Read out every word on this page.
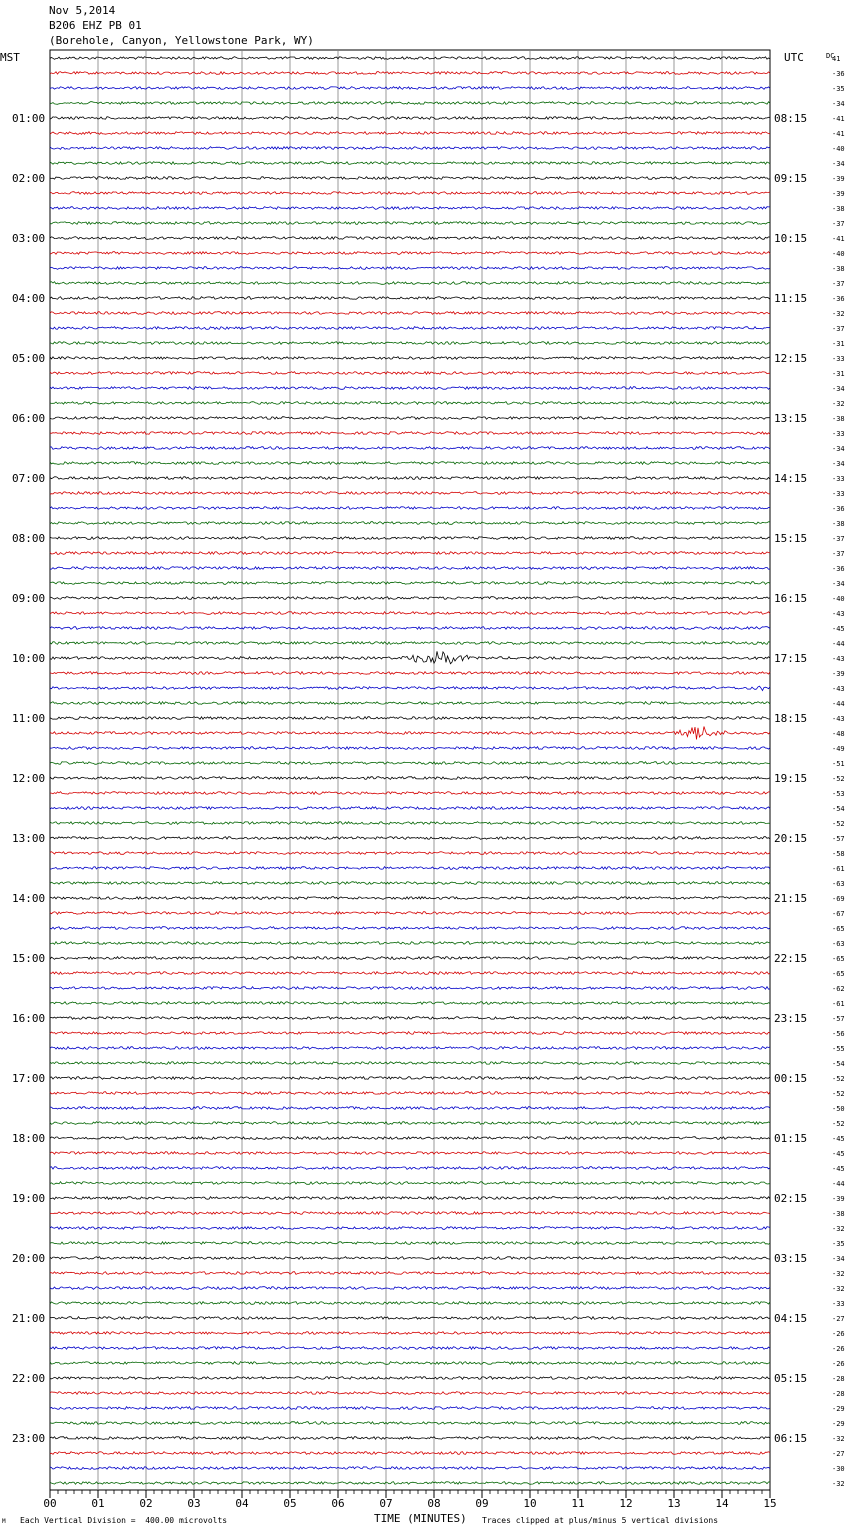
Nov 5,2014
B206 EHZ PB 01
(Borehole, Canyon, Yellowstone Park, WY)
41
-36
-35
-34
-41
-41
-40
-34
-39
-39
-38
-37
-41
-40
-38
-37
-36
-32
-37
-31
-33
-31
-34
-32
-38
-33
-34
-34
-33
-33
-36
-38
-37
-37
-36
-34
-40
-43
-45
-44
-43
-39
-43
-44
-43
-48
-49
-51
-52
-53
-54
-52
-57
-58
-61
-63
-69
-67
-65
-63
-65
-65
-62
-61
-57
-56
-55
-54
-52
-52
-50
-52
-45
-45
-45
-44
-39
-38
-32
-35
-34
-32
-32
-33
-27
-26
-26
-26
-28
-28
-29
-29
-32
-27
-30
-32
MST	UTC	DC
01:00
02:00
03:00
04:00
05:00
06:00
07:00
08:00
09:00
10:00
11:00
12:00
13:00
14:00
15:00
16:00
17:00
18:00
19:00
20:00
21:00
22:00
23:00
08:15
09:15
10:15
11:15
12:15
13:15
14:15
15:15
16:15
17:15
18:15
19:15
20:15
21:15
22:15
23:15
00:15
01:15
02:15
03:15
04:15
05:15
06:15
00	01	02	03	04	05	06	07	08	09	10	11	12	13	14	15
TIME (MINUTES)
Each Vertical Division =  400.00 microvolts	Traces clipped at plus/minus 5 vertical divisions
M
